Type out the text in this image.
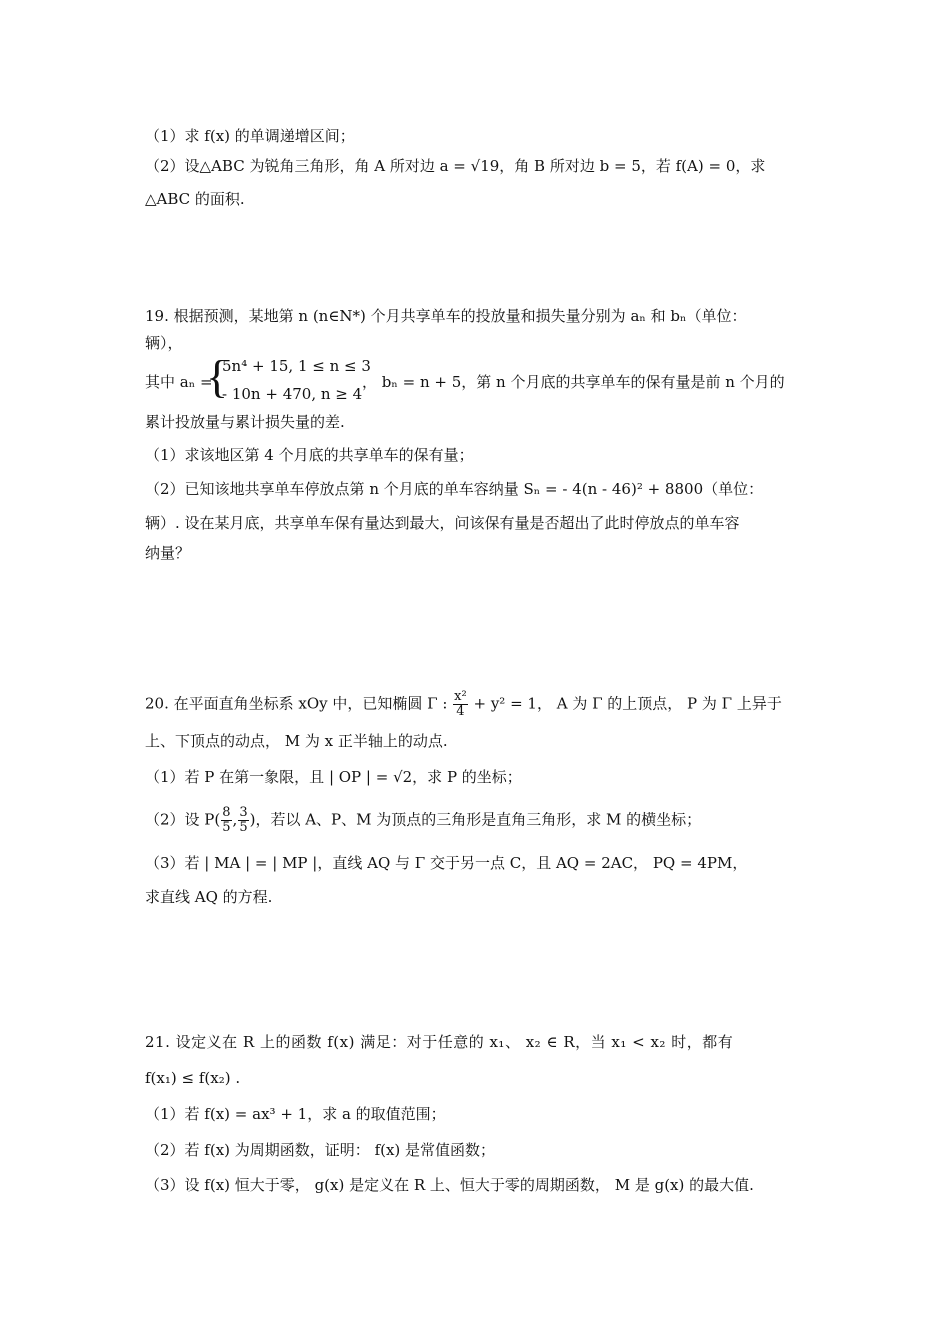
（1）求 f(x) 的单调递增区间；
（2）设△ABC 为锐角三角形，角 A 所对边 a = √19，角 B 所对边 b = 5，若 f(A) = 0，求
△ABC 的面积.
19. 根据预测，某地第 n (n∈N*) 个月共享单车的投放量和损失量分别为 aₙ 和 bₙ（单位：
辆），
其中 aₙ =
{
5n⁴ + 15, 1 ≤ n ≤ 3
- 10n + 470, n ≥ 4
， bₙ = n + 5，第 n 个月底的共享单车的保有量是前 n 个月的
累计投放量与累计损失量的差.
（1）求该地区第 4 个月底的共享单车的保有量；
（2）已知该地共享单车停放点第 n 个月底的单车容纳量 Sₙ = - 4(n - 46)² + 8800（单位：
辆）. 设在某月底，共享单车保有量达到最大，问该保有量是否超出了此时停放点的单车容
纳量？
20. 在平面直角坐标系 xOy 中，已知椭圆 Γ : $\frac{\text{x²}}{4} + y^2 = 1$， A 为 Γ 的上顶点， P 为 Γ 上异于
上、下顶点的动点， M 为 x 正半轴上的动点.
（1）若 P 在第一象限，且 | OP | = √2，求 P 的坐标；
（2）设 $P( \frac{8}{5}$ , $\frac{3}{5}$ )，若以 A、P、M 为顶点的三角形是直角三角形，求 M 的横坐标；
（3）若 | MA | = | MP |，直线 AQ 与 Γ 交于另一点 C，且 AQ = 2AC， PQ = 4PM，
求直线 AQ 的方程.
21. 设定义在 R 上的函数 f(x) 满足：对于任意的 x₁、 x₂ ∈ R，当 x₁ < x₂ 时，都有
f(x₁) ≤ f(x₂) .
（1）若 f(x) = ax³ + 1，求 a 的取值范围；
（2）若 f(x) 为周期函数，证明： f(x) 是常值函数；
（3）设 f(x) 恒大于零， g(x) 是定义在 R 上、恒大于零的周期函数， M 是 g(x) 的最大值.
